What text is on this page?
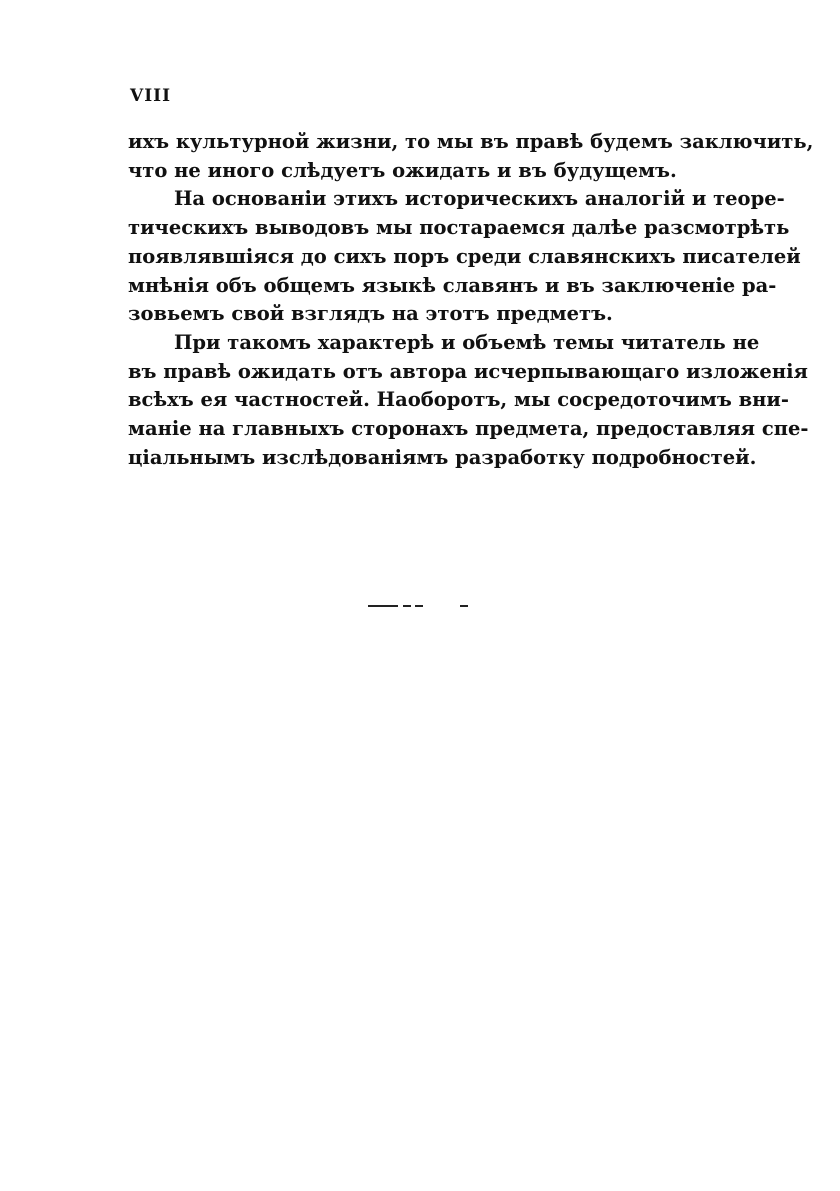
VIII

ихъ культурной жизни, то мы въ правѣ будемъ заключить,
что не иного слѣдуетъ ожидать и въ будущемъ.

На основаніи этихъ историческихъ аналогій и теоре-
тическихъ выводовъ мы постараемся далѣе разсмотрѣть
появлявшіяся до сихъ поръ среди славянскихъ писателей
мнѣнія объ общемъ языкѣ славянъ и въ заключеніе ра-
зовьемъ свой взглядъ на этотъ предметъ.

При такомъ характерѣ и объемѣ темы читатель не
въ правѣ ожидать отъ автора исчерпывающаго изложенія
всѣхъ ея частностей. Наоборотъ, мы сосредоточимъ вни-
маніе на главныхъ сторонахъ предмета, предоставляя спе-
ціальнымъ изслѣдованіямъ разработку подробностей.
